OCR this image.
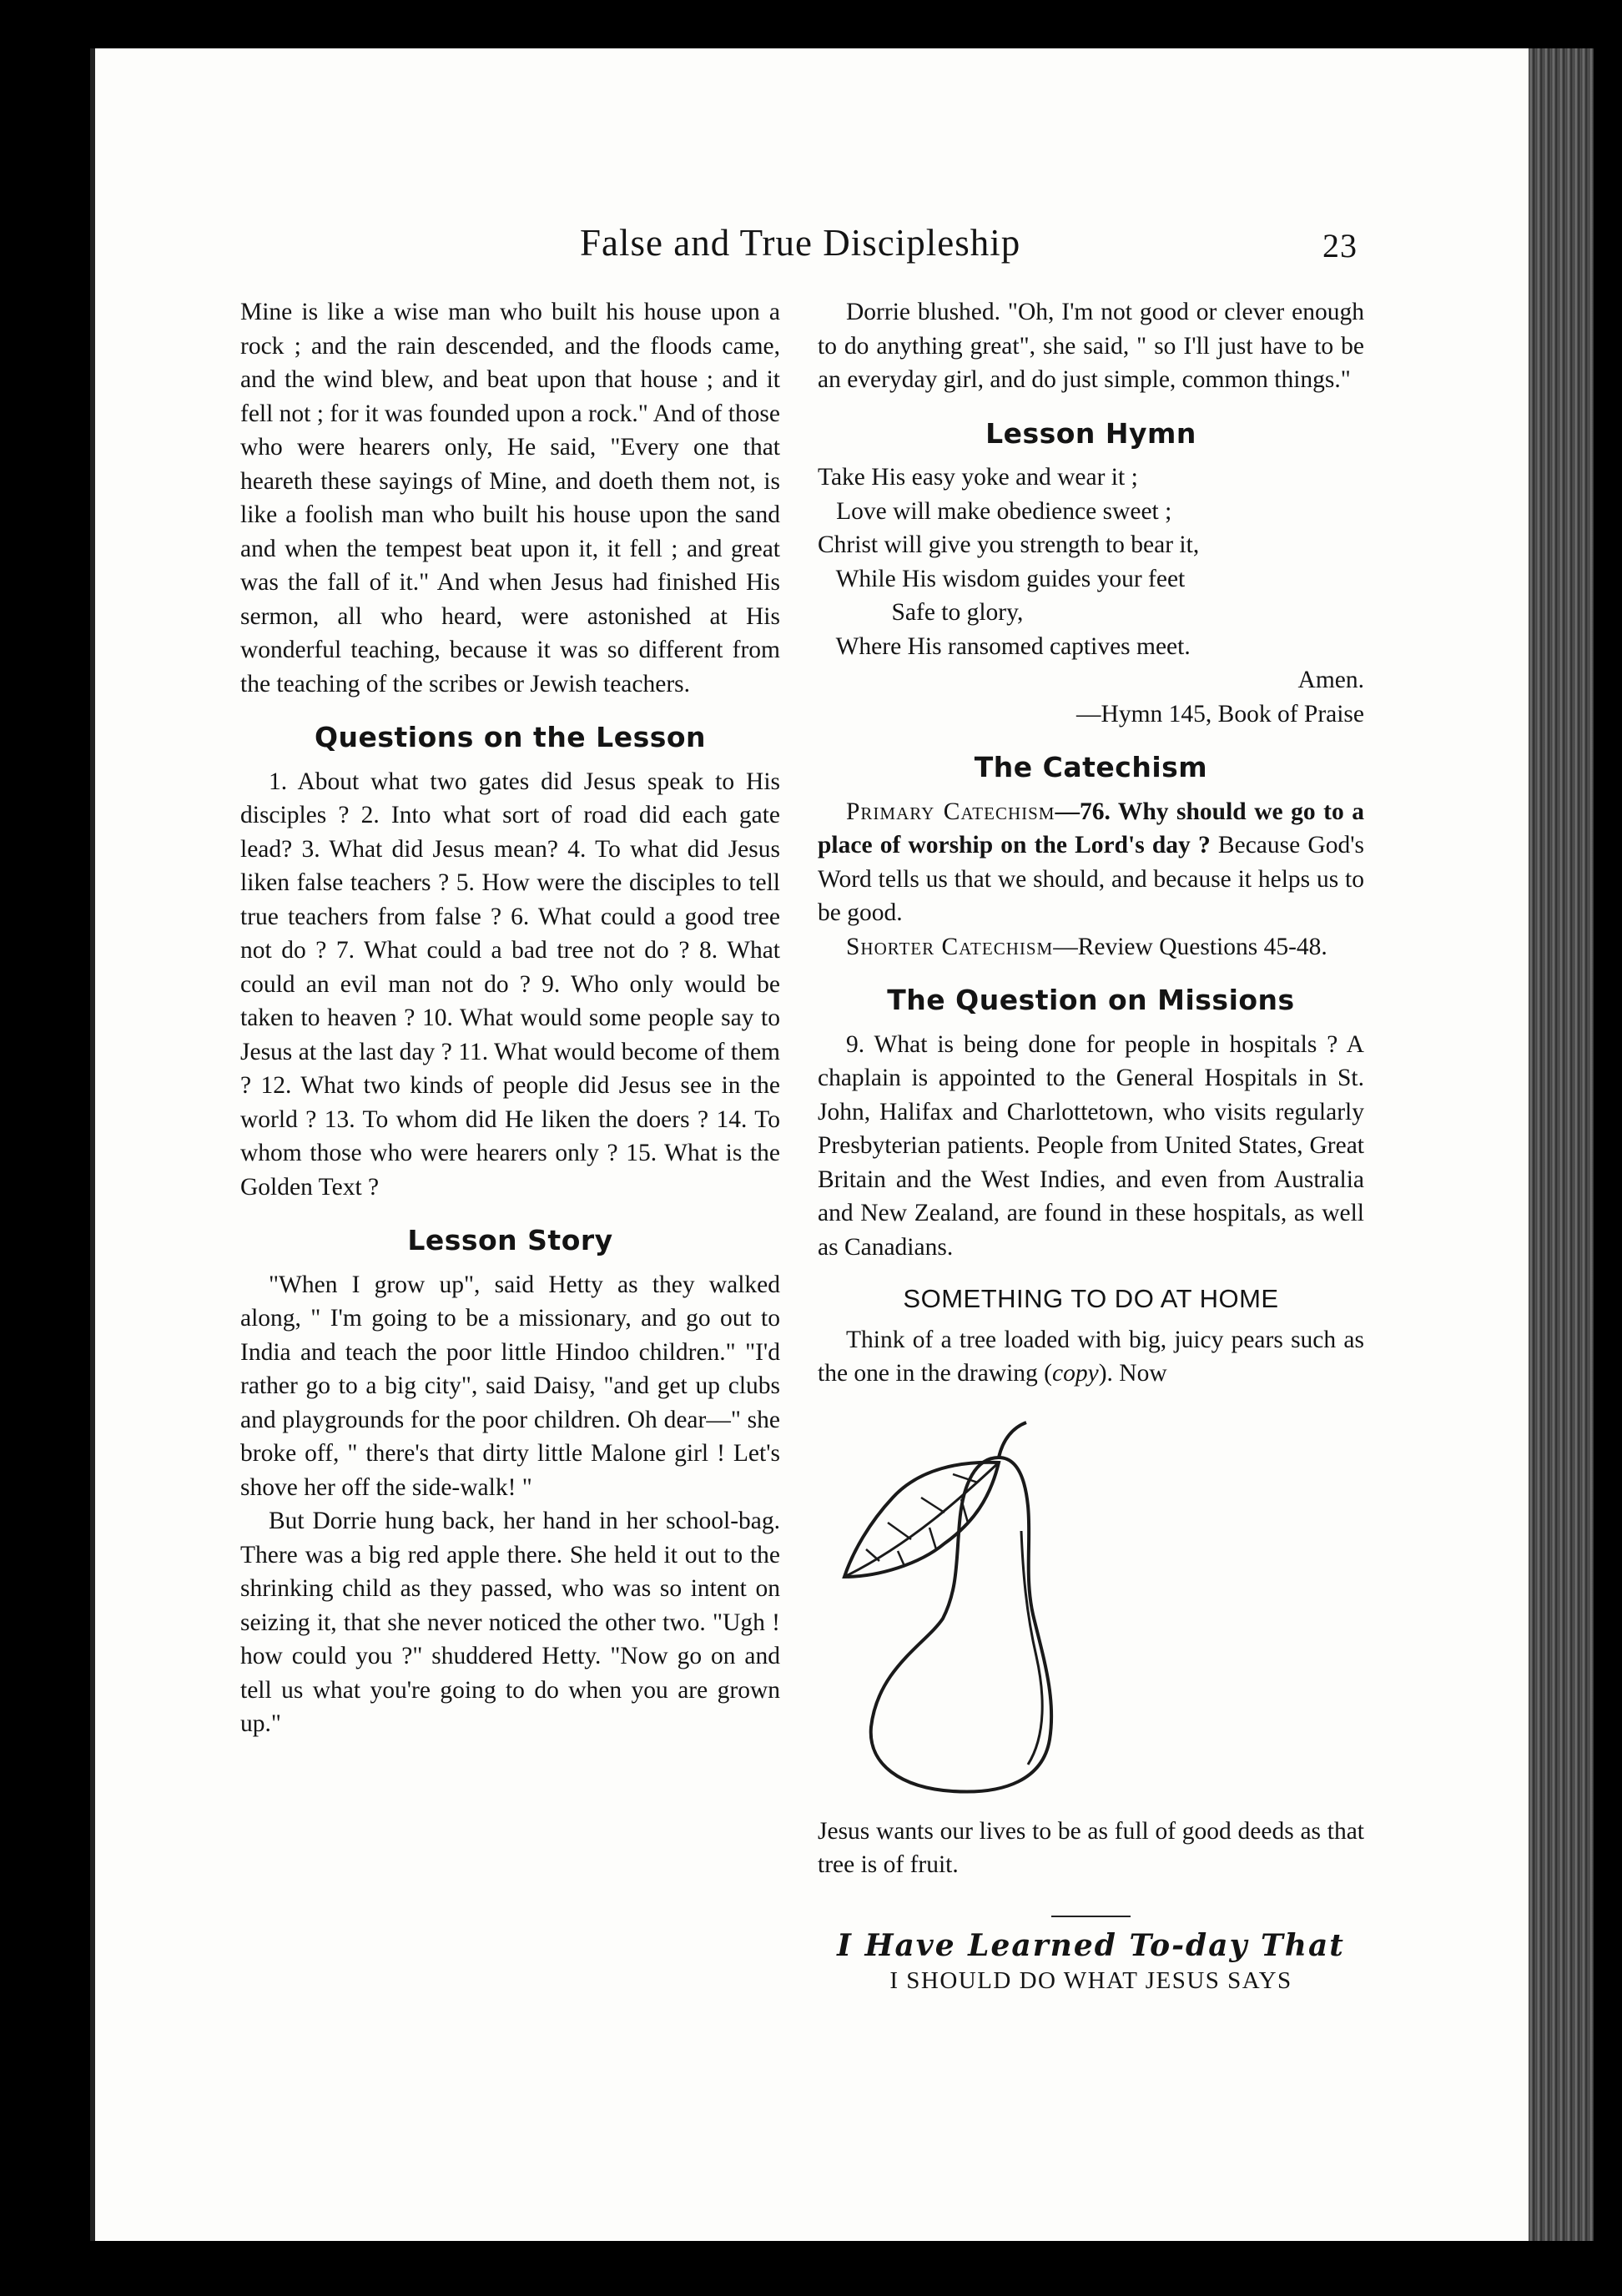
False and True Discipleship	23

Mine is like a wise man who built his house upon a rock ; and the rain descended, and the floods came, and the wind blew, and beat upon that house ; and it fell not ; for it was founded upon a rock." And of those who were hearers only, He said, "Every one that heareth these sayings of Mine, and doeth them not, is like a foolish man who built his house upon the sand and when the tempest beat upon it, it fell ; and great was the fall of it." And when Jesus had finished His sermon, all who heard, were astonished at His wonderful teaching, because it was so different from the teaching of the scribes or Jewish teachers.

Questions on the Lesson

1. About what two gates did Jesus speak to His disciples ? 2. Into what sort of road did each gate lead? 3. What did Jesus mean? 4. To what did Jesus liken false teachers ? 5. How were the disciples to tell true teachers from false ? 6. What could a good tree not do ? 7. What could a bad tree not do ? 8. What could an evil man not do ? 9. Who only would be taken to heaven ? 10. What would some people say to Jesus at the last day ? 11. What would become of them ? 12. What two kinds of people did Jesus see in the world ? 13. To whom did He liken the doers ? 14. To whom those who were hearers only ? 15. What is the Golden Text ?

Lesson Story

"When I grow up", said Hetty as they walked along, " I'm going to be a missionary, and go out to India and teach the poor little Hindoo children." "I'd rather go to a big city", said Daisy, "and get up clubs and playgrounds for the poor children. Oh dear—" she broke off, " there's that dirty little Malone girl ! Let's shove her off the side-walk! "

But Dorrie hung back, her hand in her school-bag. There was a big red apple there. She held it out to the shrinking child as they passed, who was so intent on seizing it, that she never noticed the other two. "Ugh ! how could you ?" shuddered Hetty. "Now go on and tell us what you're going to do when you are grown up."

Dorrie blushed. "Oh, I'm not good or clever enough to do anything great", she said, " so I'll just have to be an everyday girl, and do just simple, common things."

Lesson Hymn
Take His easy yoke and wear it ;
Love will make obedience sweet ;
Christ will give you strength to bear it,
While His wisdom guides your feet
Safe to glory,
Where His ransomed captives meet.
Amen.
—Hymn 145, Book of Praise
The Catechism

Primary Catechism—76. Why should we go to a place of worship on the Lord's day ? Because God's Word tells us that we should, and because it helps us to be good.

Shorter Catechism—Review Questions 45-48.

The Question on Missions

9. What is being done for people in hospitals ? A chaplain is appointed to the General Hospitals in St. John, Halifax and Charlottetown, who visits regularly Presbyterian patients. People from United States, Great Britain and the West Indies, and even from Australia and New Zealand, are found in these hospitals, as well as Canadians.

SOMETHING TO DO AT HOME

Think of a tree loaded with big, juicy pears such as the one in the drawing (copy). Now

Jesus wants our lives to be as full of good deeds as that tree is of fruit.

I Have Learned To-day That
I SHOULD DO WHAT JESUS SAYS
